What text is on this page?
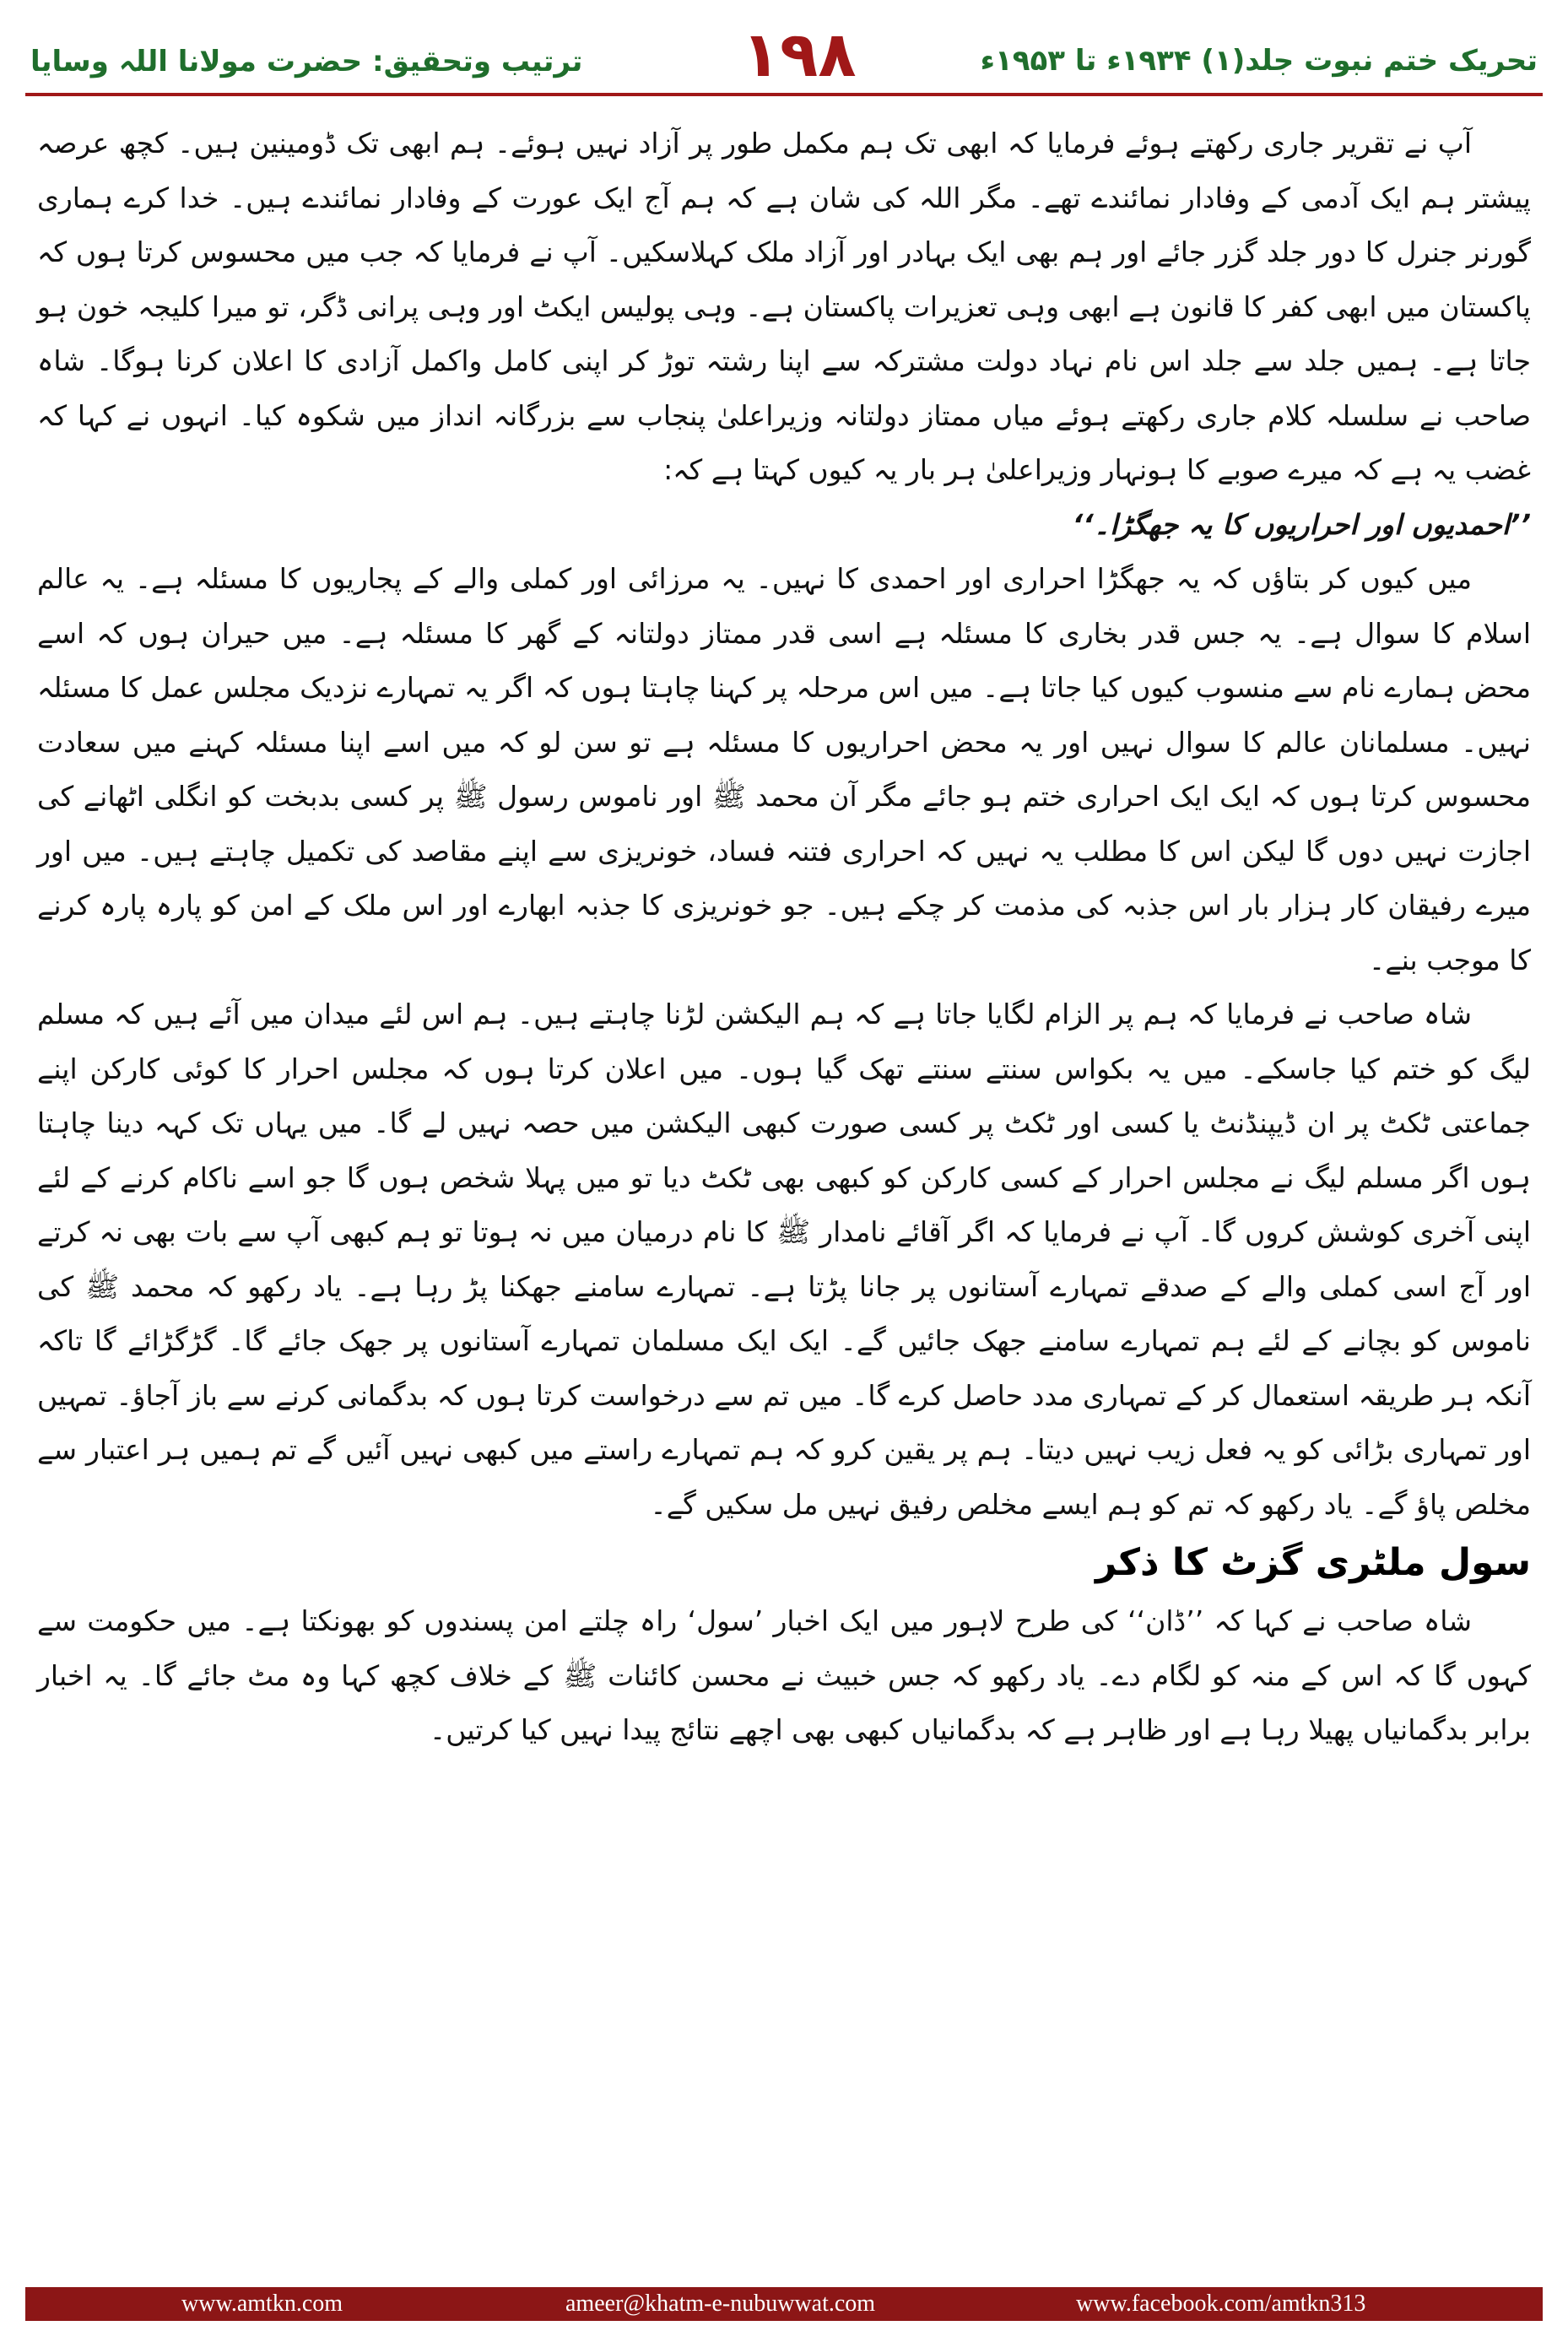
ترتیب وتحقیق: حضرت مولانا اللہ وسایا	۱۹۸	تحریک ختم نبوت جلد(۱) ۱۹۳۴ء تا ۱۹۵۳ء

آپ نے تقریر جاری رکھتے ہوئے فرمایا کہ ابھی تک ہم مکمل طور پر آزاد نہیں ہوئے۔ ہم ابھی تک ڈومینین ہیں۔ کچھ عرصہ پیشتر ہم ایک آدمی کے وفادار نمائندے تھے۔ مگر اللہ کی شان ہے کہ ہم آج ایک عورت کے وفادار نمائندے ہیں۔ خدا کرے ہماری گورنر جنرل کا دور جلد گزر جائے اور ہم بھی ایک بہادر اور آزاد ملک کہلاسکیں۔ آپ نے فرمایا کہ جب میں محسوس کرتا ہوں کہ پاکستان میں ابھی کفر کا قانون ہے ابھی وہی تعزیرات پاکستان ہے۔ وہی پولیس ایکٹ اور وہی پرانی ڈگر، تو میرا کلیجہ خون ہو جاتا ہے۔ ہمیں جلد سے جلد اس نام نہاد دولت مشترکہ سے اپنا رشتہ توڑ کر اپنی کامل واکمل آزادی کا اعلان کرنا ہوگا۔ شاہ صاحب نے سلسلہ کلام جاری رکھتے ہوئے میاں ممتاز دولتانہ وزیراعلیٰ پنجاب سے بزرگانہ انداز میں شکوہ کیا۔ انہوں نے کہا کہ غضب یہ ہے کہ میرے صوبے کا ہونہار وزیراعلیٰ ہر بار یہ کیوں کہتا ہے کہ:

’’احمدیوں اور احراریوں کا یہ جھگڑا۔‘‘

میں کیوں کر بتاؤں کہ یہ جھگڑا احراری اور احمدی کا نہیں۔ یہ مرزائی اور کملی والے کے پجاریوں کا مسئلہ ہے۔ یہ عالم اسلام کا سوال ہے۔ یہ جس قدر بخاری کا مسئلہ ہے اسی قدر ممتاز دولتانہ کے گھر کا مسئلہ ہے۔ میں حیران ہوں کہ اسے محض ہمارے نام سے منسوب کیوں کیا جاتا ہے۔ میں اس مرحلہ پر کہنا چاہتا ہوں کہ اگر یہ تمہارے نزدیک مجلس عمل کا مسئلہ نہیں۔ مسلمانان عالم کا سوال نہیں اور یہ محض احراریوں کا مسئلہ ہے تو سن لو کہ میں اسے اپنا مسئلہ کہنے میں سعادت محسوس کرتا ہوں کہ ایک ایک احراری ختم ہو جائے مگر آن محمد ﷺ اور ناموس رسول ﷺ پر کسی بدبخت کو انگلی اٹھانے کی اجازت نہیں دوں گا لیکن اس کا مطلب یہ نہیں کہ احراری فتنہ فساد، خونریزی سے اپنے مقاصد کی تکمیل چاہتے ہیں۔ میں اور میرے رفیقان کار ہزار بار اس جذبہ کی مذمت کر چکے ہیں۔ جو خونریزی کا جذبہ ابھارے اور اس ملک کے امن کو پارہ پارہ کرنے کا موجب بنے۔

شاہ صاحب نے فرمایا کہ ہم پر الزام لگایا جاتا ہے کہ ہم الیکشن لڑنا چاہتے ہیں۔ ہم اس لئے میدان میں آئے ہیں کہ مسلم لیگ کو ختم کیا جاسکے۔ میں یہ بکواس سنتے سنتے تھک گیا ہوں۔ میں اعلان کرتا ہوں کہ مجلس احرار کا کوئی کارکن اپنے جماعتی ٹکٹ پر ان ڈیپنڈنٹ یا کسی اور ٹکٹ پر کسی صورت کبھی الیکشن میں حصہ نہیں لے گا۔ میں یہاں تک کہہ دینا چاہتا ہوں اگر مسلم لیگ نے مجلس احرار کے کسی کارکن کو کبھی بھی ٹکٹ دیا تو میں پہلا شخص ہوں گا جو اسے ناکام کرنے کے لئے اپنی آخری کوشش کروں گا۔ آپ نے فرمایا کہ اگر آقائے نامدار ﷺ کا نام درمیان میں نہ ہوتا تو ہم کبھی آپ سے بات بھی نہ کرتے اور آج اسی کملی والے کے صدقے تمہارے آستانوں پر جانا پڑتا ہے۔ تمہارے سامنے جھکنا پڑ رہا ہے۔ یاد رکھو کہ محمد ﷺ کی ناموس کو بچانے کے لئے ہم تمہارے سامنے جھک جائیں گے۔ ایک ایک مسلمان تمہارے آستانوں پر جھک جائے گا۔ گڑگڑائے گا تاکہ آنکہ ہر طریقہ استعمال کر کے تمہاری مدد حاصل کرے گا۔ میں تم سے درخواست کرتا ہوں کہ بدگمانی کرنے سے باز آجاؤ۔ تمہیں اور تمہاری بڑائی کو یہ فعل زیب نہیں دیتا۔ ہم پر یقین کرو کہ ہم تمہارے راستے میں کبھی نہیں آئیں گے تم ہمیں ہر اعتبار سے مخلص پاؤ گے۔ یاد رکھو کہ تم کو ہم ایسے مخلص رفیق نہیں مل سکیں گے۔

سول ملٹری گزٹ کا ذکر

شاہ صاحب نے کہا کہ ’’ڈان‘‘ کی طرح لاہور میں ایک اخبار ’سول‘ راہ چلتے امن پسندوں کو بھونکتا ہے۔ میں حکومت سے کہوں گا کہ اس کے منہ کو لگام دے۔ یاد رکھو کہ جس خبیث نے محسن کائنات ﷺ کے خلاف کچھ کہا وہ مٹ جائے گا۔ یہ اخبار برابر بدگمانیاں پھیلا رہا ہے اور ظاہر ہے کہ بدگمانیاں کبھی بھی اچھے نتائج پیدا نہیں کیا کرتیں۔

www.amtkn.com	ameer@khatm-e-nubuwwat.com	www.facebook.com/amtkn313
